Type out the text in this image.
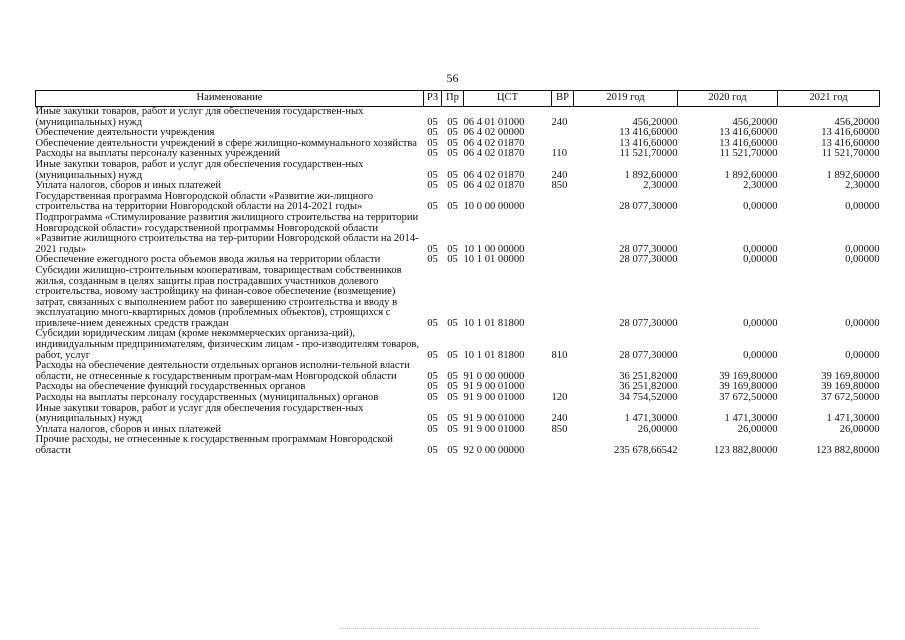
56
Наименование	РЗ	Пр	ЦСТ	ВР	2019 год	2020 год	2021 год
Иные закупки товаров, работ и услуг для обеспечения государствен-ных (муниципальных) нужд	05	05	06 4 01 01000	240	456,20000	456,20000	456,20000
Обеспечение деятельности учреждения	05	05	06 4 02 00000		13 416,60000	13 416,60000	13 416,60000
Обеспечение деятельности учреждений в сфере жилищно-коммунального хозяйства	05	05	06 4 02 01870		13 416,60000	13 416,60000	13 416,60000
Расходы на выплаты персоналу казенных учреждений	05	05	06 4 02 01870	110	11 521,70000	11 521,70000	11 521,70000
Иные закупки товаров, работ и услуг для обеспечения государствен-ных (муниципальных) нужд	05	05	06 4 02 01870	240	1 892,60000	1 892,60000	1 892,60000
Уплата налогов, сборов и иных платежей	05	05	06 4 02 01870	850	2,30000	2,30000	2,30000
Государственная программа Новгородской области «Развитие жи-лищного строительства на территории Новгородской области на 2014-2021 годы»	05	05	10 0 00 00000		28 077,30000	0,00000	0,00000
Подпрограмма «Стимулирование развития жилищного строительства на территории Новгородской области» государственной программы Новгородской области «Развитие жилищного строительства на тер-ритории Новгородской области на 2014-2021 годы»	05	05	10 1 00 00000		28 077,30000	0,00000	0,00000
Обеспечение ежегодного роста объемов ввода жилья на территории области	05	05	10 1 01 00000		28 077,30000	0,00000	0,00000
Субсидии жилищно-строительным кооперативам, товариществам собственников жилья, созданным в целях защиты прав пострадавших участников долевого строительства, новому застройщику на финан-совое обеспечение (возмещение) затрат, связанных с выполнением работ по завершению строительства и вводу в эксплуатацию много-квартирных домов (проблемных объектов), строящихся с привлече-нием денежных средств граждан	05	05	10 1 01 81800		28 077,30000	0,00000	0,00000
Субсидии юридическим лицам (кроме некоммерческих организа-ций), индивидуальным предпринимателям, физическим лицам - про-изводителям товаров, работ, услуг	05	05	10 1 01 81800	810	28 077,30000	0,00000	0,00000
Расходы на обеспечение деятельности отдельных органов исполни-тельной власти области, не отнесенные к государственным програм-мам Новгородской области	05	05	91 0 00 00000		36 251,82000	39 169,80000	39 169,80000
Расходы на обеспечение функций государственных органов	05	05	91 9 00 01000		36 251,82000	39 169,80000	39 169,80000
Расходы на выплаты персоналу государственных (муниципальных) органов	05	05	91 9 00 01000	120	34 754,52000	37 672,50000	37 672,50000
Иные закупки товаров, работ и услуг для обеспечения государствен-ных (муниципальных) нужд	05	05	91 9 00 01000	240	1 471,30000	1 471,30000	1 471,30000
Уплата налогов, сборов и иных платежей	05	05	91 9 00 01000	850	26,00000	26,00000	26,00000
Прочие расходы, не отнесенные к государственным программам Новгородской области	05	05	92 0 00 00000		235 678,66542	123 882,80000	123 882,80000
